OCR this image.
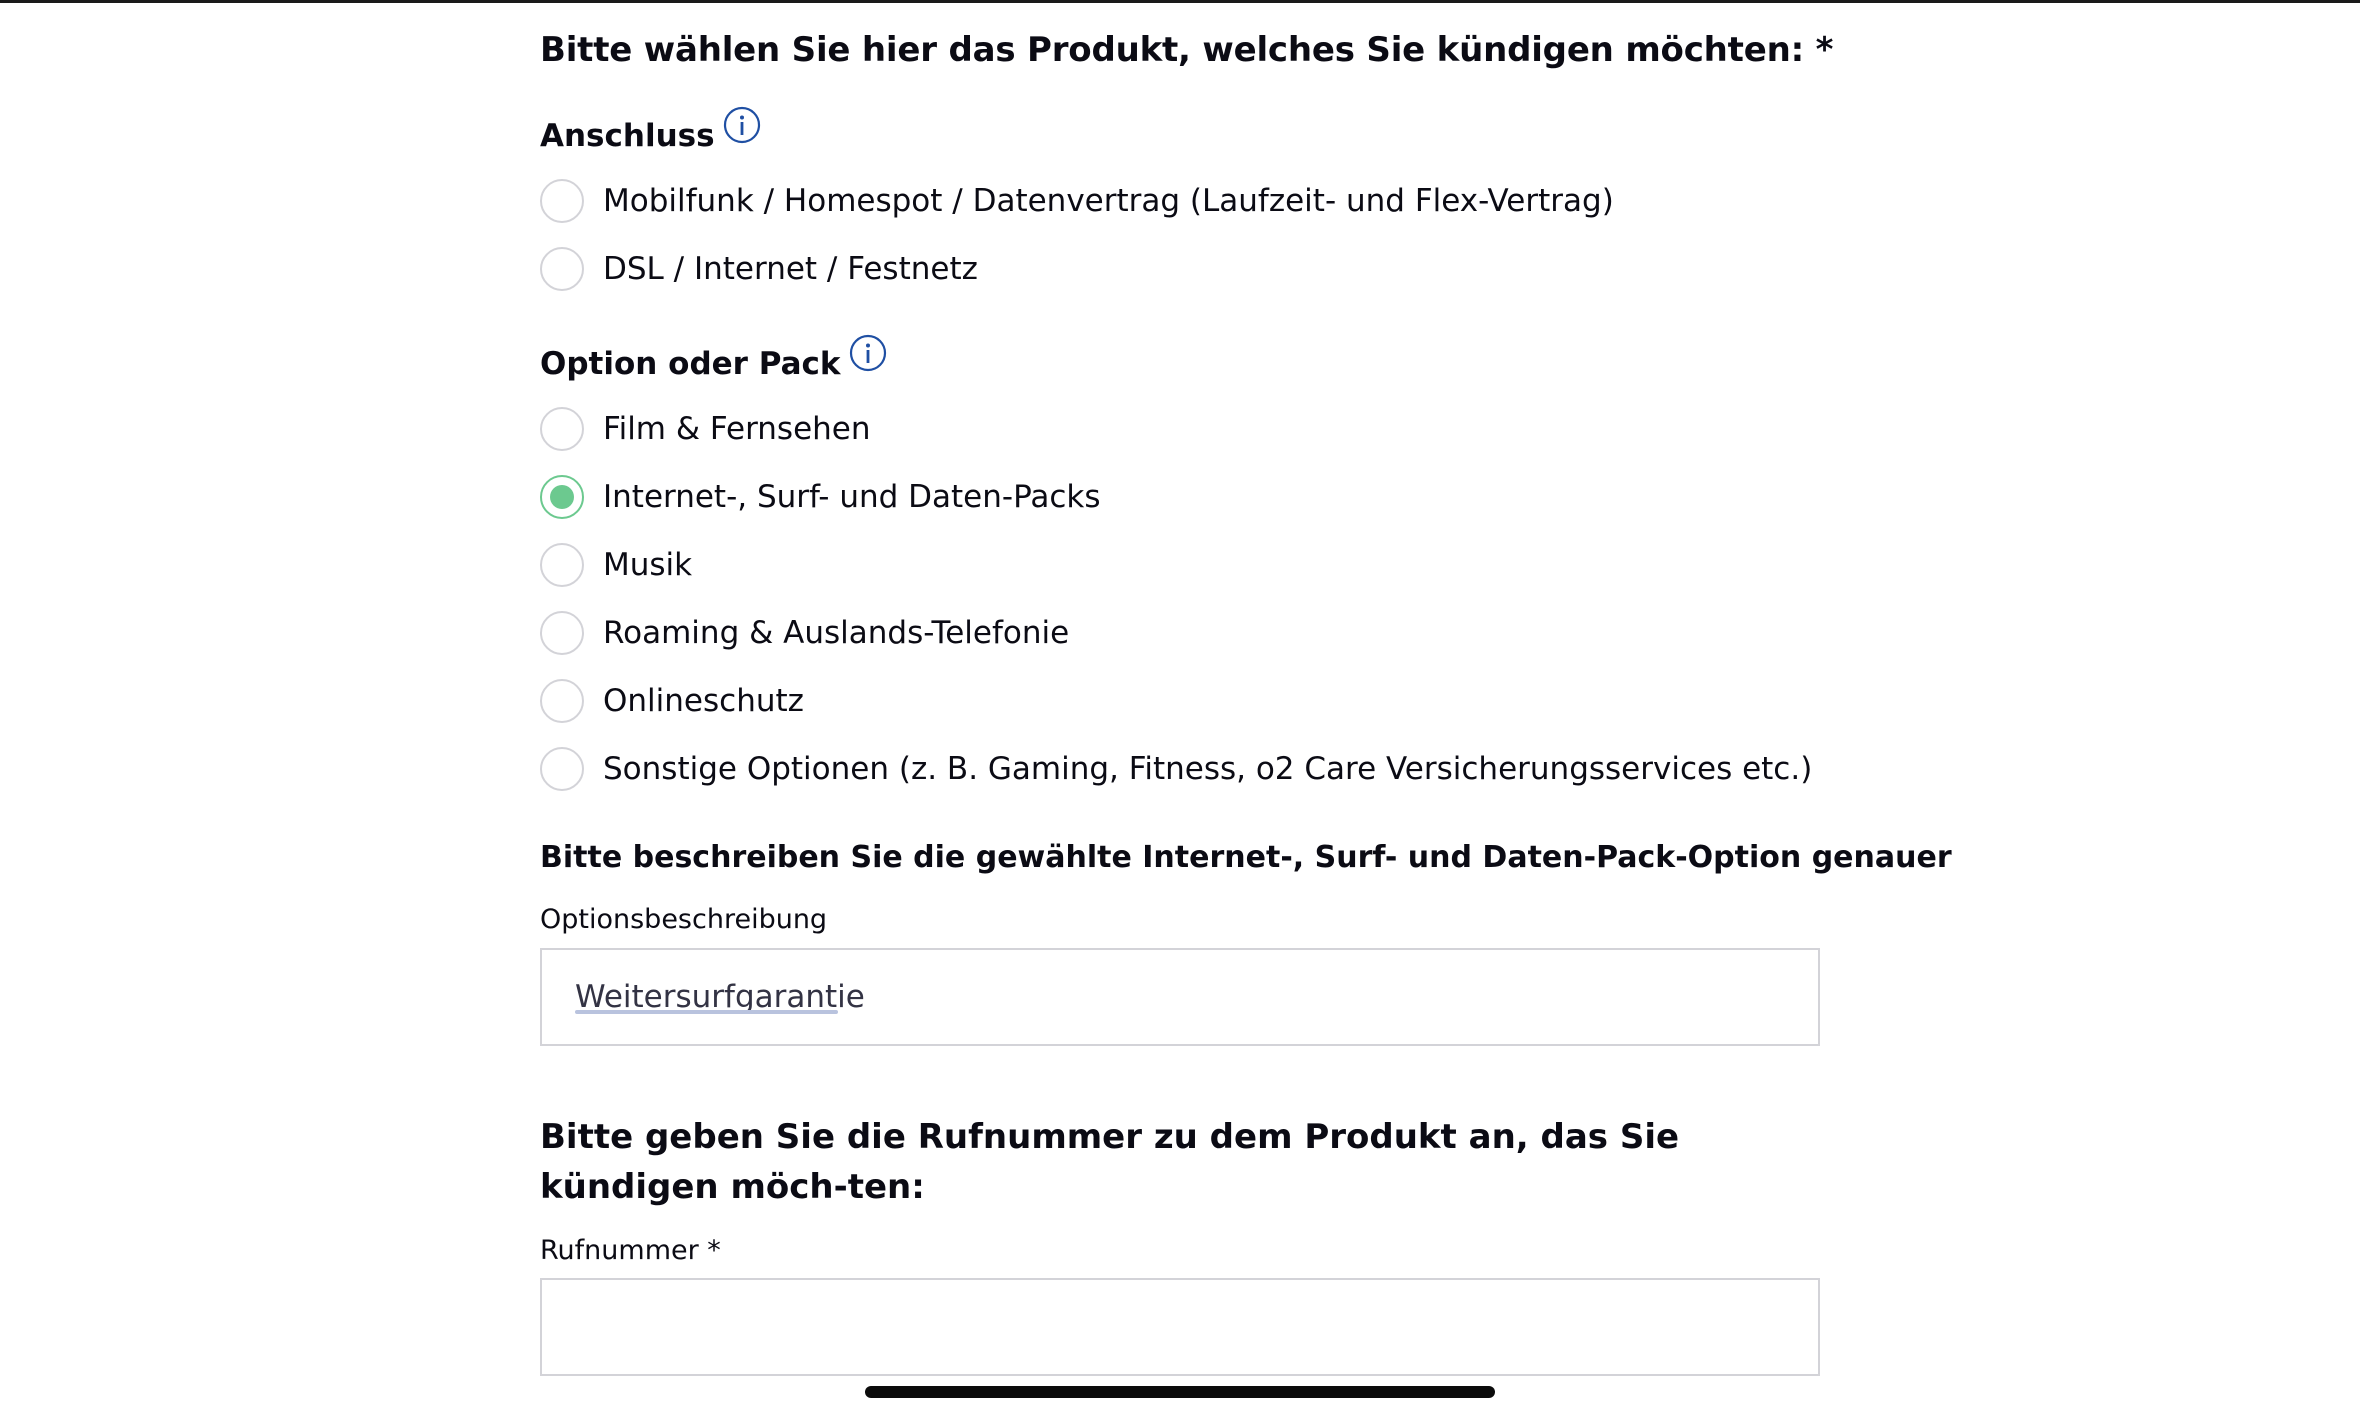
Bitte wählen Sie hier das Produkt, welches Sie kündigen möchten: *
Anschluss
Mobilfunk / Homespot / Datenvertrag (Laufzeit- und Flex-Vertrag)
DSL / Internet / Festnetz
Option oder Pack
Film & Fernsehen
Internet-, Surf- und Daten-Packs
Musik
Roaming & Auslands-Telefonie
Onlineschutz
Sonstige Optionen (z. B. Gaming, Fitness, o2 Care Versicherungsservices etc.)
Bitte beschreiben Sie die gewählte Internet-, Surf- und Daten-Pack-Option genauer
Optionsbeschreibung
Weitersurfgarantie
Bitte geben Sie die Rufnummer zu dem Produkt an, das Sie kündigen möch-ten:
Rufnummer *
